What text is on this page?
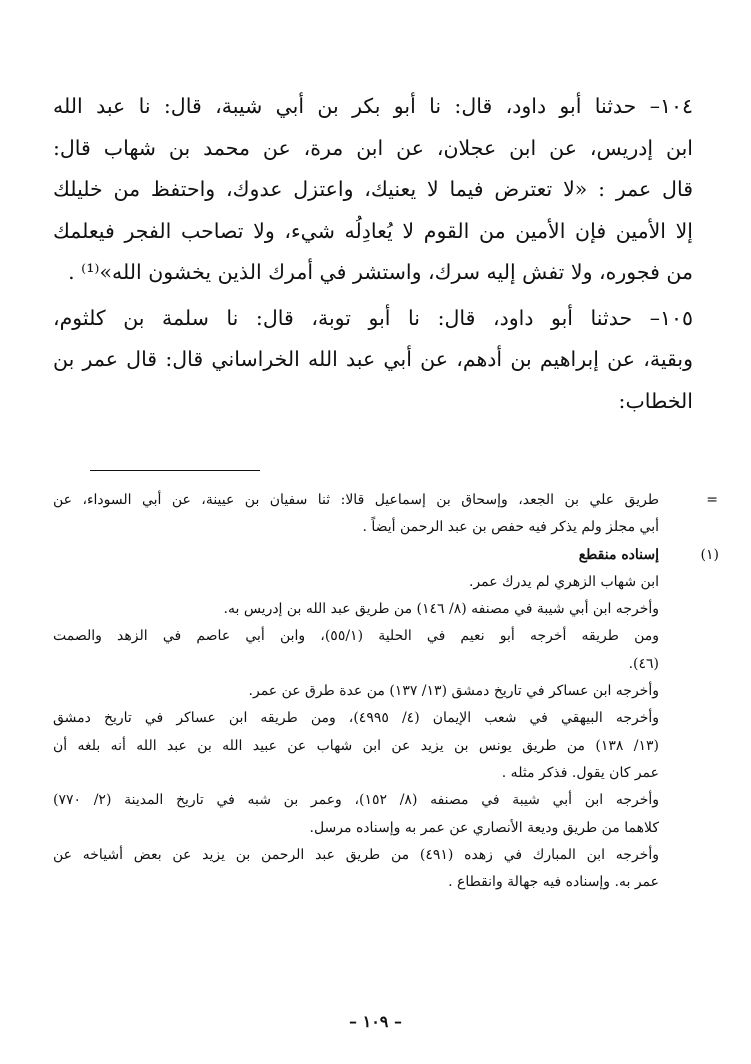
١٠٤– حدثنا أبو داود، قال: نا أبو بكر بن أبي شيبة، قال: نا عبد الله
ابن إدريس، عن ابن عجلان، عن ابن مرة، عن محمد بن شهاب قال:
قال عمر : «لا تعترض فيما لا يعنيك، واعتزل عدوك، واحتفظ من خليلك
إلا الأمين فإن الأمين من القوم لا يُعادِلُه شيء، ولا تصاحب الفجر فيعلمك
من فجوره، ولا تفش إليه سرك، واستشر في أمرك الذين يخشون الله»⁽¹⁾ .
١٠٥– حدثنا أبو داود، قال: نا أبو توبة، قال: نا سلمة بن كلثوم،
وبقية، عن إبراهيم بن أدهم، عن أبي عبد الله الخراساني قال: قال عمر بن
الخطاب:
=
طريق علي بن الجعد، وإسحاق بن إسماعيل قالا: ثنا سفيان بن عيينة، عن أبي السوداء، عن
أبي مجلز ولم يذكر فيه حفص بن عبد الرحمن أيضاً .
(١)
إسناده منقطع
ابن شهاب الزهري لم يدرك عمر.
وأخرجه ابن أبي شيبة في مصنفه (٨/ ١٤٦) من طريق عبد الله بن إدريس به.
ومن طريقه أخرجه أبو نعيم في الحلية (٥٥/١)، وابن أبي عاصم في الزهد والصمت
(٤٦).
وأخرجه ابن عساكر في تاريخ دمشق (١٣/ ١٣٧) من عدة طرق عن عمر.
وأخرجه البيهقي في شعب الإيمان (٤/ ٤٩٩٥)، ومن طريقه ابن عساكر في تاريخ دمشق
(١٣/ ١٣٨) من طريق يونس بن يزيد عن ابن شهاب عن عبيد الله بن عبد الله أنه بلغه أن
عمر كان يقول. فذكر مثله .
وأخرجه ابن أبي شيبة في مصنفه (٨/ ١٥٢)، وعمر بن شبه في تاريخ المدينة (٢/ ٧٧٠)
كلاهما من طريق وديعة الأنصاري عن عمر به وإسناده مرسل.
وأخرجه ابن المبارك في زهده (٤٩١) من طريق عبد الرحمن بن يزيد عن بعض أشياخه عن
عمر به. وإسناده فيه جهالة وانقطاع .
– ١٠٩ –
